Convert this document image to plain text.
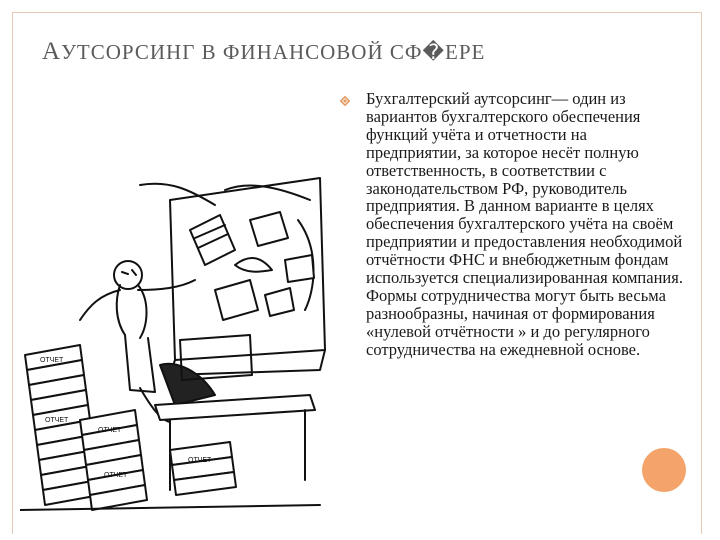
АУТСОРСИНГ В ФИНАНСОВОЙ СФ�ЕРЕ
ОТЧЕТ
ОТЧЕТ
ОТЧЕТ
ОТЧЕТ
ОТЧЕТ
Бухгалтерский аутсорсинг— один из вариантов бухгалтерского обеспечения функций учёта и отчетности на предприятии, за которое несёт полную ответственность, в соответствии с законодательством РФ, руководитель предприятия. В данном варианте в целях обеспечения бухгалтерского учёта на своём предприятии и предоставления необходимой отчётности ФНС и внебюджетным фондам используется специализированная компания. Формы сотрудничества могут быть весьма разнообразны, начиная от формирования «нулевой отчётности » и до регулярного сотрудничества на ежедневной основе.
